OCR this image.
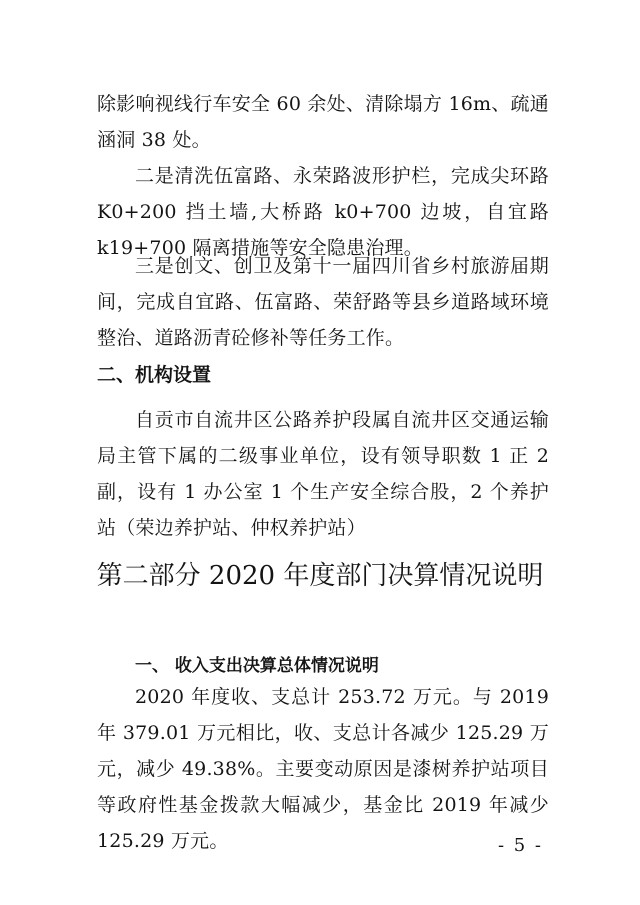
除影响视线行车安全 60 余处、清除塌方 16m、疏通涵洞 38 处。

二是清洗伍富路、永荣路波形护栏，完成尖环路 K0+200 挡土墙,大桥路 k0+700 边坡，自宜路 k19+700 隔离措施等安全隐患治理。

三是创文、创卫及第十一届四川省乡村旅游届期间，完成自宜路、伍富路、荣舒路等县乡道路域环境整治、道路沥青砼修补等任务工作。

二、机构设置

自贡市自流井区公路养护段属自流井区交通运输局主管下属的二级事业单位，设有领导职数 1 正 2 副，设有 1 办公室 1 个生产安全综合股，2 个养护站（荣边养护站、仲权养护站）

第二部分 2020 年度部门决算情况说明
一、 收入支出决算总体情况说明

2020 年度收、支总计 253.72 万元。与 2019 年 379.01 万元相比，收、支总计各减少 125.29 万元，减少 49.38%。主要变动原因是漆树养护站项目等政府性基金拨款大幅减少，基金比 2019 年减少 125.29 万元。	- 5 -
